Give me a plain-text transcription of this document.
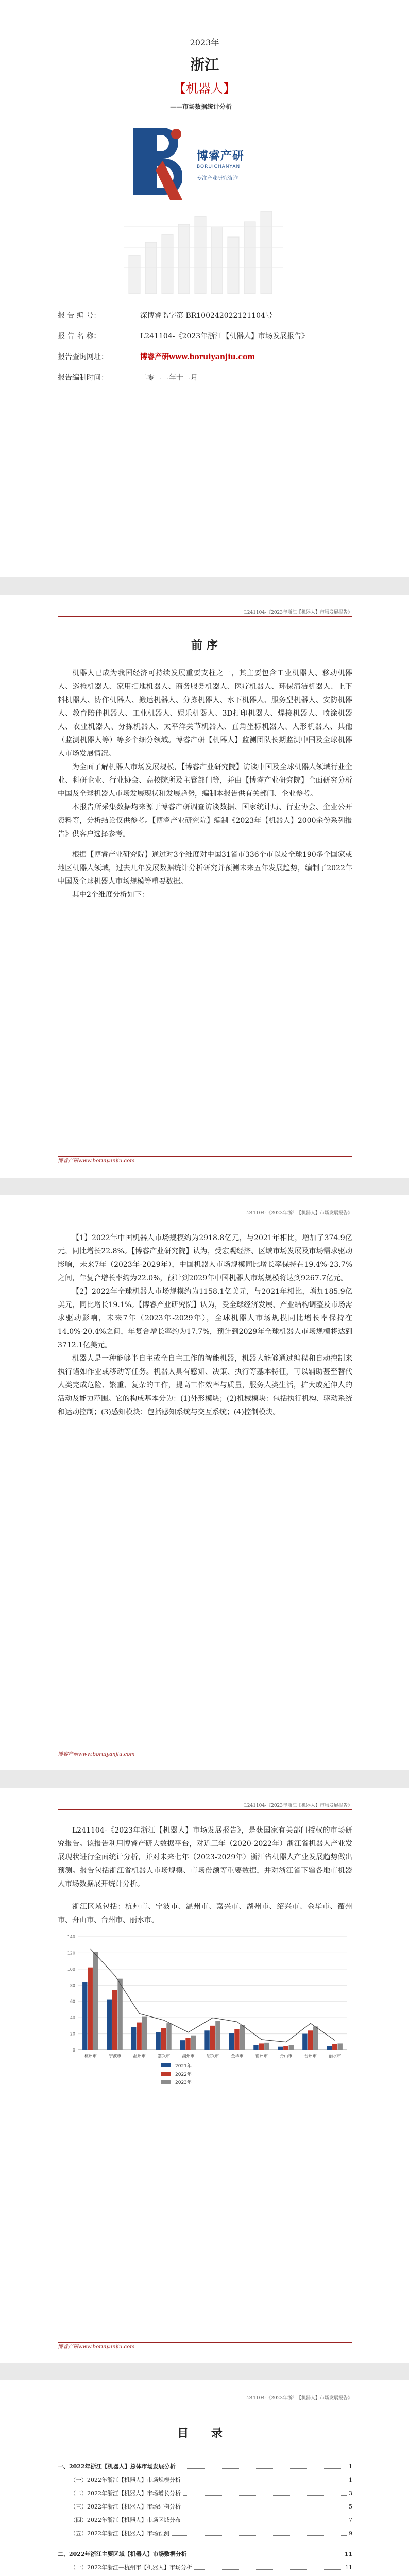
2023年
浙江
【机器人】
——市场数据统计分析
博睿产研
BORUICHANYAN
专注产业研究咨询
报 告 编 号：	深博睿监字第 BR100242022121104号
报 告 名 称：	L241104-《2023年浙江【机器人】市场发展报告》
报告查询网址：	博睿产研www.boruiyanjiu.com
报告编制时间：	二零二二年十二月
L241104-《2023年浙江【机器人】市场发展报告》
前 序

机器人已成为我国经济可持续发展重要支柱之一，其主要包含工业机器人、移动机器人、巡检机器人、家用扫地机器人、商务服务机器人、医疗机器人、环保清洁机器人、上下料机器人、协作机器人、搬运机器人、分拣机器人、水下机器人、服务型机器人、安防机器人、教育陪伴机器人、工业机器人、娱乐机器人、3D打印机器人、焊接机器人、喷涂机器人、农业机器人、分拣机器人、太平洋关节机器人、直角坐标机器人、人形机器人、其他（监测机器人等）等多个细分领域。博睿产研【机器人】监测团队长期监测中国及全球机器人市场发展情况。

为全面了解机器人市场发展规模，【博睿产业研究院】访谈中国及全球机器人领域行业企业、科研企业、行业协会、高校院所及主管部门等，并由【博睿产业研究院】全面研究分析中国及全球机器人市场发展现状和发展趋势，编制本报告供有关部门、企业参考。

本报告所采集数据均来源于博睿产研调查访谈数据、国家统计局、行业协会、企业公开资料等，分析结论仅供参考。【博睿产业研究院】编制《2023年【机器人】2000余份系列报告》供客户选择参考。

根据【博睿产业研究院】通过对3个维度对中国31省市336个市以及全球190多个国家或地区机器人领域，过去几年发展数据统计分析研究并预测未来五年发展趋势，编制了2022年中国及全球机器人市场规模等重要数据。

其中2个维度分析如下：

博睿产研www.boruiyanjiu.com
L241104-《2023年浙江【机器人】市场发展报告》

【1】2022年中国机器人市场规模约为2918.8亿元，与2021年相比，增加了374.9亿元，同比增长22.8%。【博睿产业研究院】认为，受宏观经济、区域市场发展及市场需求驱动影响，未来7年（2023年-2029年），中国机器人市场规模同比增长率保持在19.4%-23.7%之间，年复合增长率约为22.0%，预计到2029年中国机器人市场规模将达到9267.7亿元。

【2】2022年全球机器人市场规模约为1158.1亿美元，与2021年相比，增加185.9亿美元，同比增长19.1%。【博睿产业研究院】认为，受全球经济发展、产业结构调整及市场需求驱动影响，未来7年（2023年-2029年），全球机器人市场规模同比增长率保持在14.0%-20.4%之间，年复合增长率约为17.7%，预计到2029年全球机器人市场规模将达到3712.1亿美元。

机器人是一种能够半自主或全自主工作的智能机器，机器人能够通过编程和自动控制来执行诸如作业或移动等任务。机器人具有感知、决策、执行等基本特征，可以辅助甚至替代人类完成危险、繁重、复杂的工作，提高工作效率与质量，服务人类生活，扩大或延伸人的活动及能力范围。它的构成基本分为：(1)外形模块；(2)机械模块：包括执行机构、驱动系统和运动控制；(3)感知模块：包括感知系统与交互系统；(4)控制模块。

博睿产研www.boruiyanjiu.com
L241104-《2023年浙江【机器人】市场发展报告》

L241104-《2023年浙江【机器人】市场发展报告》，是获国家有关部门授权的市场研究报告。该报告利用博睿产研大数据平台，对近三年（2020-2022年）浙江省机器人产业发展现状进行全面统计分析，并对未来七年（2023-2029年）浙江省机器人产业发展趋势做出预测。报告包括浙江省机器人市场规模、市场份额等重要数据，并对浙江省下辖各地市机器人市场数据展开统计分析。

浙江区域包括：杭州市、宁波市、温州市、嘉兴市、湖州市、绍兴市、金华市、衢州市、舟山市、台州市、丽水市。

0
20
40
60
80
100
120
140
杭州市	宁波市	温州市	嘉兴市	湖州市	绍兴市	金华市	衢州市	舟山市	台州市	丽水市
2021年
2022年
2023年
博睿产研www.boruiyanjiu.com
L241104-《2023年浙江【机器人】市场发展报告》
目 录
一、2022年浙江【机器人】总体市场发展分析	1
（一）2022年浙江【机器人】市场规模分析	1
（二）2022年浙江【机器人】市场增长分析	3
（三）2022年浙江【机器人】市场结构分析	5
（四）2022年浙江【机器人】市场区域分布	7
（五）2022年浙江【机器人】市场预测	9
二、2022年浙江主要区域【机器人】市场数据分析	11
（一）2022年浙江—杭州市【机器人】市场分析	11
